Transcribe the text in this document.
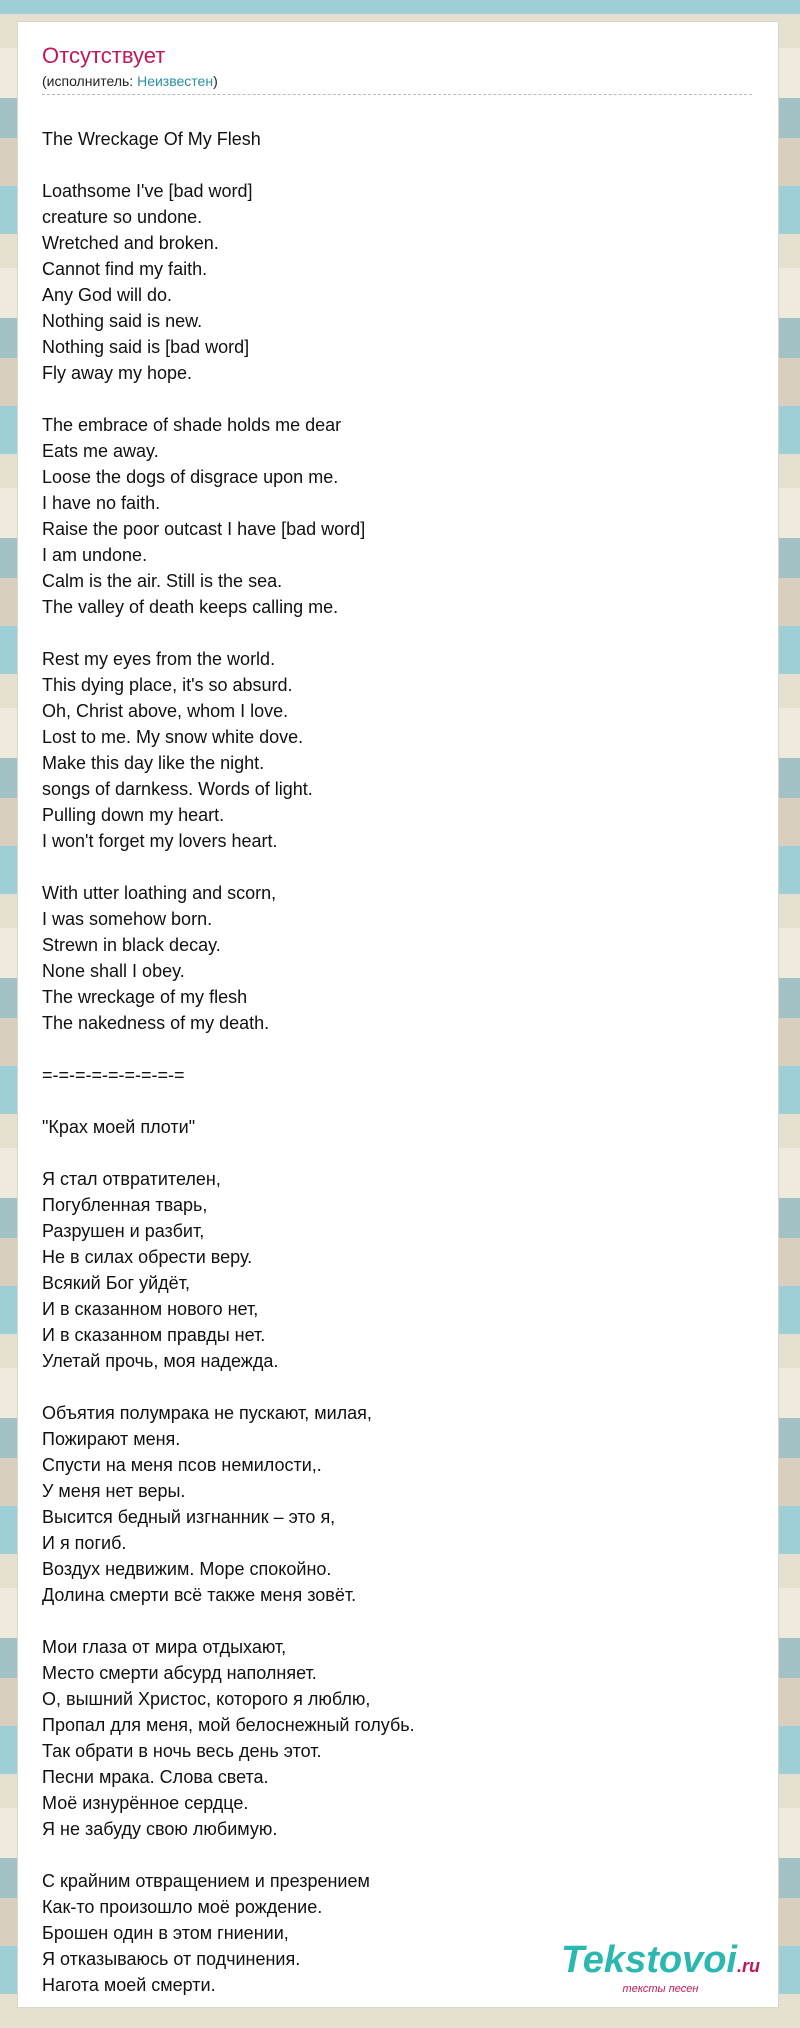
Отсутствует
(исполнитель: Неизвестен)
The Wreckage Of My Flesh
Loathsome I've [bad word]
creature so undone.
Wretched and broken.
Cannot find my faith.
Any God will do.
Nothing said is new.
Nothing said is [bad word]
Fly away my hope.
The embrace of shade holds me dear
Eats me away.
Loose the dogs of disgrace upon me.
I have no faith.
Raise the poor outcast I have [bad word]
I am undone.
Calm is the air. Still is the sea.
The valley of death keeps calling me.
Rest my eyes from the world.
This dying place, it's so absurd.
Oh, Christ above, whom I love.
Lost to me. My snow white dove.
Make this day like the night.
songs of darnkess. Words of light.
Pulling down my heart.
I won't forget my lovers heart.
With utter loathing and scorn,
I was somehow born.
Strewn in black decay.
None shall I obey.
The wreckage of my flesh
The nakedness of my death.
=-=-=-=-=-=-=-=-=
"Крах моей плоти"
Я стал отвратителен,
Погубленная тварь,
Разрушен и разбит,
Не в силах обрести веру.
Всякий Бог уйдёт,
И в сказанном нового нет,
И в сказанном правды нет.
Улетай прочь, моя надежда.
Объятия полумрака не пускают, милая,
Пожирают меня.
Спусти на меня псов немилости,.
У меня нет веры.
Высится бедный изгнанник – это я,
И я погиб.
Воздух недвижим. Море спокойно.
Долина смерти всё также меня зовёт.
Мои глаза от мира отдыхают,
Место смерти абсурд наполняет.
О, вышний Христос, которого я люблю,
Пропал для меня, мой белоснежный голубь.
Так обрати в ночь весь день этот.
Песни мрака. Слова света.
Моё изнурённое сердце.
Я не забуду свою любимую.
С крайним отвращением и презрением
Как-то произошло моё рождение.
Брошен один в этом гниении,
Я отказываюсь от подчинения.
Нагота моей смерти.
Tekstovoi.ru
тексты песен
